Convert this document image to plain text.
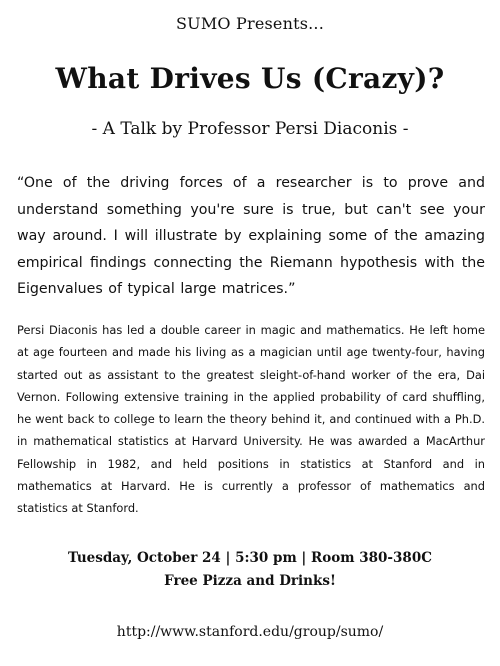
SUMO Presents...
What Drives Us (Crazy)?
- A Talk by Professor Persi Diaconis -
“One of the driving forces of a researcher is to prove and understand something you're sure is true, but can't see your way around. I will illustrate by explaining some of the amazing empirical findings connecting the Riemann hypothesis with the Eigenvalues of typical large matrices.”
Persi Diaconis has led a double career in magic and mathematics. He left home at age fourteen and made his living as a magician until age twenty-four, having started out as assistant to the greatest sleight-of-hand worker of the era, Dai Vernon. Following extensive training in the applied probability of card shuffling, he went back to college to learn the theory behind it, and continued with a Ph.D. in mathematical statistics at Harvard University. He was awarded a MacArthur Fellowship in 1982, and held positions in statistics at Stanford and in mathematics at Harvard. He is currently a professor of mathematics and statistics at Stanford.
Tuesday, October 24 | 5:30 pm | Room 380-380C
Free Pizza and Drinks!
http://www.stanford.edu/group/sumo/
